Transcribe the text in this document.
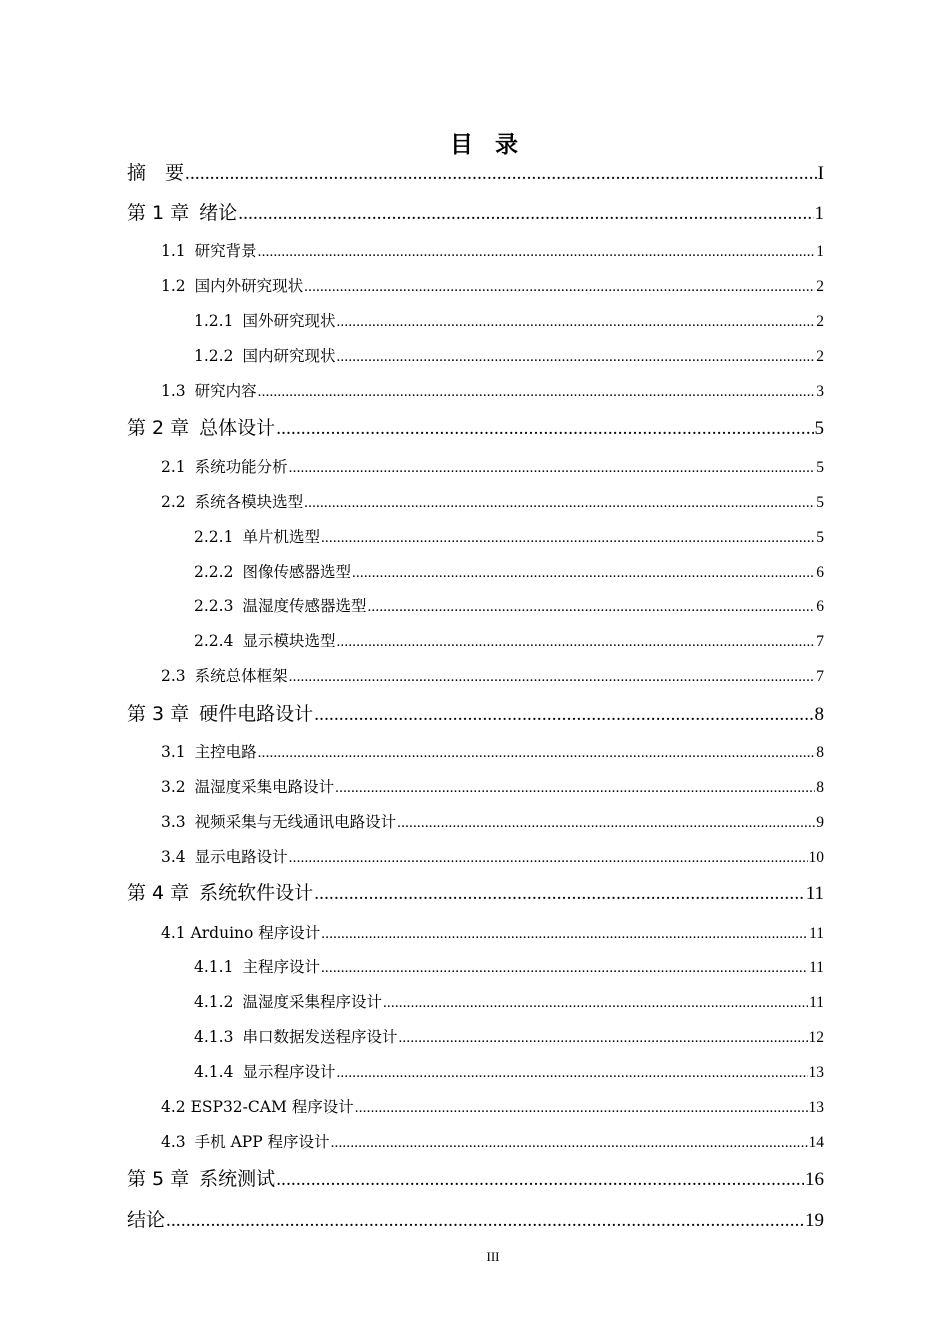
目录
摘　要 .....	I
第 1 章 绪论 .....	1
1.1 研究背景 .....	1
1.2 国内外研究现状 .....	2
1.2.1 国外研究现状 .....	2
1.2.2 国内研究现状 .....	2
1.3 研究内容 .....	3
第 2 章 总体设计 .....	5
2.1 系统功能分析 .....	5
2.2 系统各模块选型 .....	5
2.2.1 单片机选型 .....	5
2.2.2 图像传感器选型 .....	6
2.2.3 温湿度传感器选型 .....	6
2.2.4 显示模块选型 .....	7
2.3 系统总体框架 .....	7
第 3 章 硬件电路设计 .....	8
3.1 主控电路 .....	8
3.2 温湿度采集电路设计 .....	8
3.3 视频采集与无线通讯电路设计 .....	9
3.4 显示电路设计 .....	10
第 4 章 系统软件设计 .....	11
4.1 Arduino 程序设计 .....	11
4.1.1 主程序设计 .....	11
4.1.2 温湿度采集程序设计 .....	11
4.1.3 串口数据发送程序设计 .....	12
4.1.4 显示程序设计 .....	13
4.2 ESP32-CAM 程序设计 .....	13
4.3 手机 APP 程序设计 .....	14
第 5 章 系统测试 .....	16
结论 .....	19
III
